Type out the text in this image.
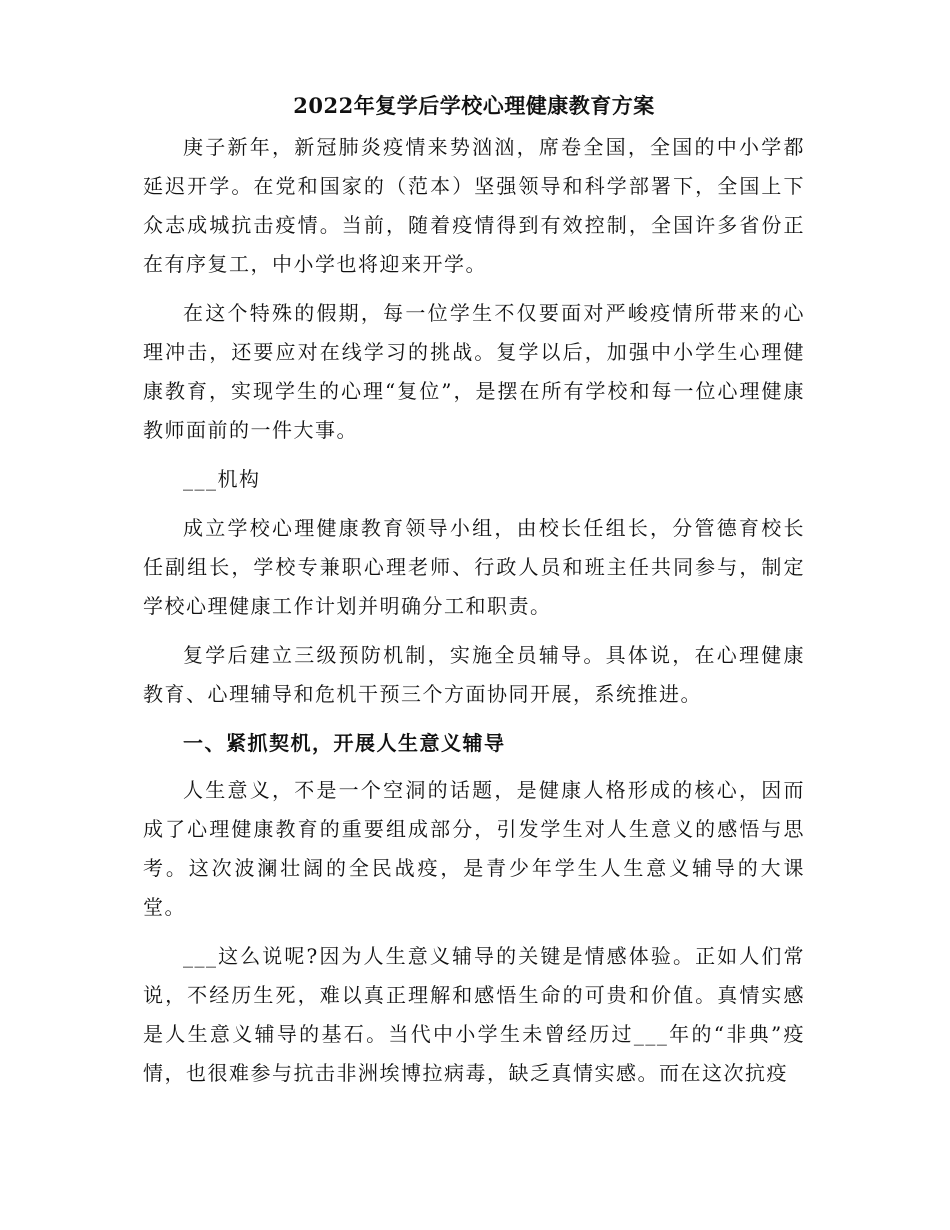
2022年复学后学校心理健康教育方案

庚子新年，新冠肺炎疫情来势汹汹，席卷全国，全国的中小学都延迟开学。在党和国家的（范本）坚强领导和科学部署下，全国上下众志成城抗击疫情。当前，随着疫情得到有效控制，全国许多省份正在有序复工，中小学也将迎来开学。

在这个特殊的假期，每一位学生不仅要面对严峻疫情所带来的心理冲击，还要应对在线学习的挑战。复学以后，加强中小学生心理健康教育，实现学生的心理“复位”，是摆在所有学校和每一位心理健康教师面前的一件大事。

___机构

成立学校心理健康教育领导小组，由校长任组长，分管德育校长任副组长，学校专兼职心理老师、行政人员和班主任共同参与，制定学校心理健康工作计划并明确分工和职责。

复学后建立三级预防机制，实施全员辅导。具体说，在心理健康教育、心理辅导和危机干预三个方面协同开展，系统推进。

一、紧抓契机，开展人生意义辅导

人生意义，不是一个空洞的话题，是健康人格形成的核心，因而成了心理健康教育的重要组成部分，引发学生对人生意义的感悟与思考。这次波澜壮阔的全民战疫，是青少年学生人生意义辅导的大课堂。

___这么说呢?因为人生意义辅导的关键是情感体验。正如人们常说，不经历生死，难以真正理解和感悟生命的可贵和价值。真情实感是人生意义辅导的基石。当代中小学生未曾经历过___年的“非典”疫情，也很难参与抗击非洲埃博拉病毒，缺乏真情实感。而在这次抗疫
